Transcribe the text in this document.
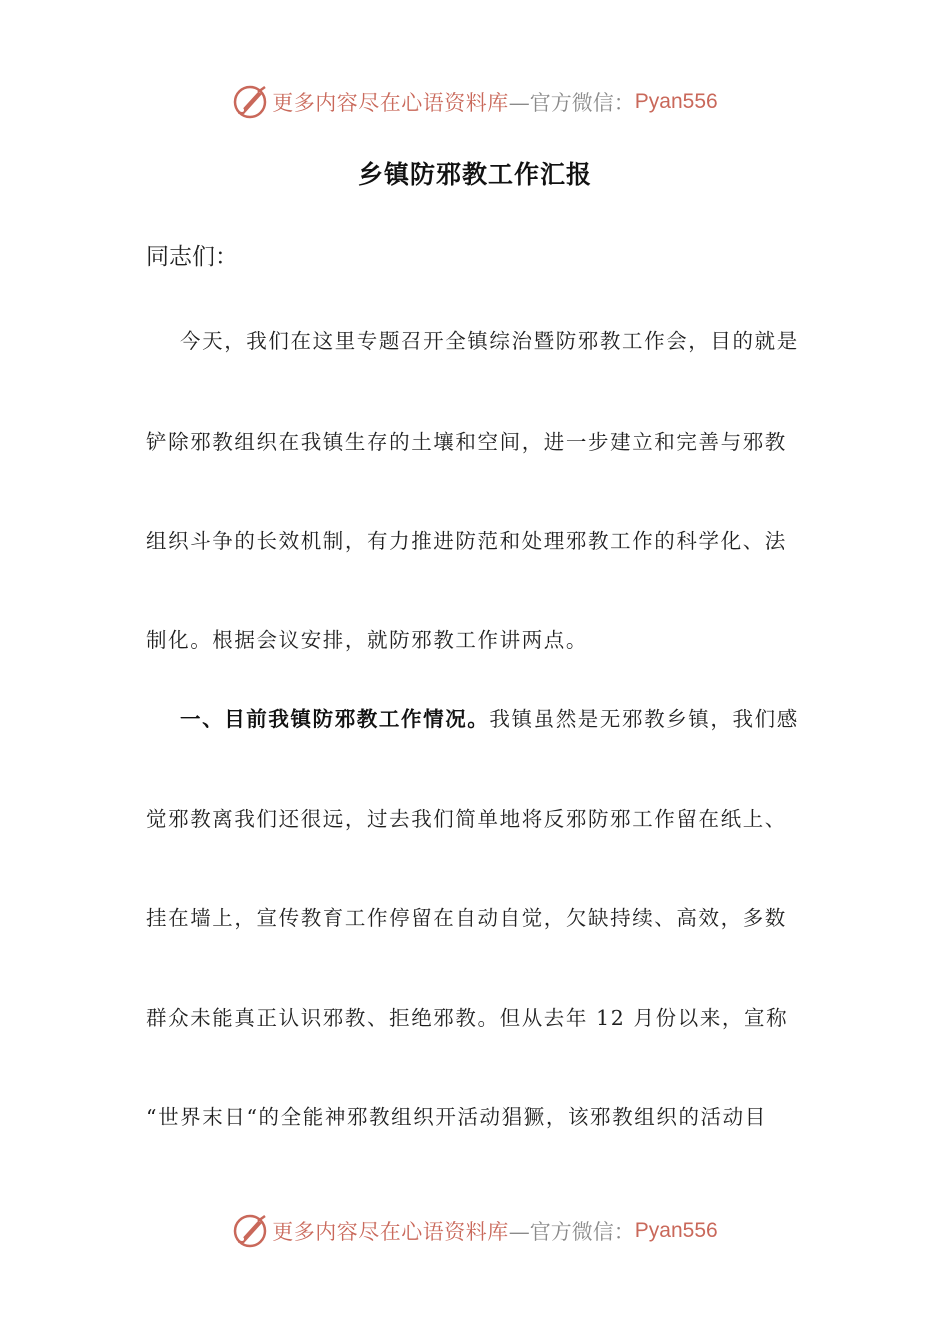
更多内容尽在心语资料库 —官方微信： Pyan556
乡镇防邪教工作汇报
同志们：
今天，我们在这里专题召开全镇综治暨防邪教工作会，目的就是
铲除邪教组织在我镇生存的土壤和空间，进一步建立和完善与邪教
组织斗争的长效机制，有力推进防范和处理邪教工作的科学化、法
制化。根据会议安排，就防邪教工作讲两点。
一、目前我镇防邪教工作情况。我镇虽然是无邪教乡镇，我们感
觉邪教离我们还很远，过去我们简单地将反邪防邪工作留在纸上、
挂在墙上，宣传教育工作停留在自动自觉，欠缺持续、高效，多数
群众未能真正认识邪教、拒绝邪教。但从去年 12 月份以来，宣称
“世界末日“的全能神邪教组织开活动猖獗，该邪教组织的活动目
更多内容尽在心语资料库 —官方微信： Pyan556
